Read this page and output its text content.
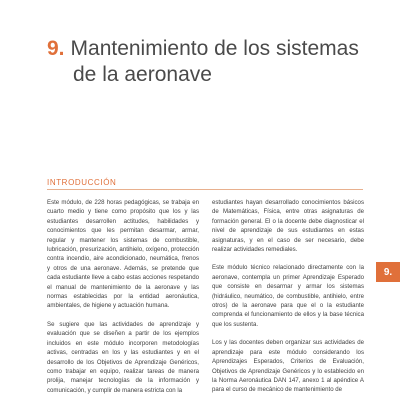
9. Mantenimiento de los sistemas
de la aeronave
INTRODUCCIÓN

Este módulo, de 228 horas pedagógicas, se trabaja en cuarto medio y tiene como propósito que los y las estudiantes desarrollen actitudes, habilidades y conocimientos que les permitan desarmar, armar, regular y mantener los sistemas de combustible, lubricación, presurización, antihielo, oxígeno, protección contra incendio, aire acondicionado, neumática, frenos y otros de una aeronave. Además, se pretende que cada estudiante lleve a cabo estas acciones respetando el manual de mantenimiento de la aeronave y las normas establecidas por la entidad aeronáutica, ambientales, de higiene y actuación humana.

Se sugiere que las actividades de aprendizaje y evaluación que se diseñen a partir de los ejemplos incluidos en este módulo incorporen metodologías activas, centradas en los y las estudiantes y en el desarrollo de los Objetivos de Aprendizaje Genéricos, como trabajar en equipo, realizar tareas de manera prolija, manejar tecnologías de la información y comunicación, y cumplir de manera estricta con la

estudiantes hayan desarrollado conocimientos básicos de Matemáticas, Física, entre otras asignaturas de formación general. El o la docente debe diagnosticar el nivel de aprendizaje de sus estudiantes en estas asignaturas, y en el caso de ser necesario, debe realizar actividades remediales.

Este módulo técnico relacionado directamente con la aeronave, contempla un primer Aprendizaje Esperado que consiste en desarmar y armar los sistemas (hidráulico, neumático, de combustible, antihielo, entre otros) de la aeronave para que el o la estudiante comprenda el funcionamiento de ellos y la base técnica que los sustenta.

Los y las docentes deben organizar sus actividades de aprendizaje para este módulo considerando los Aprendizajes Esperados, Criterios de Evaluación, Objetivos de Aprendizaje Genéricos y lo establecido en la Norma Aeronáutica DAN 147, anexo 1 al apéndice A para el curso de mecánico de mantenimiento de

9.
